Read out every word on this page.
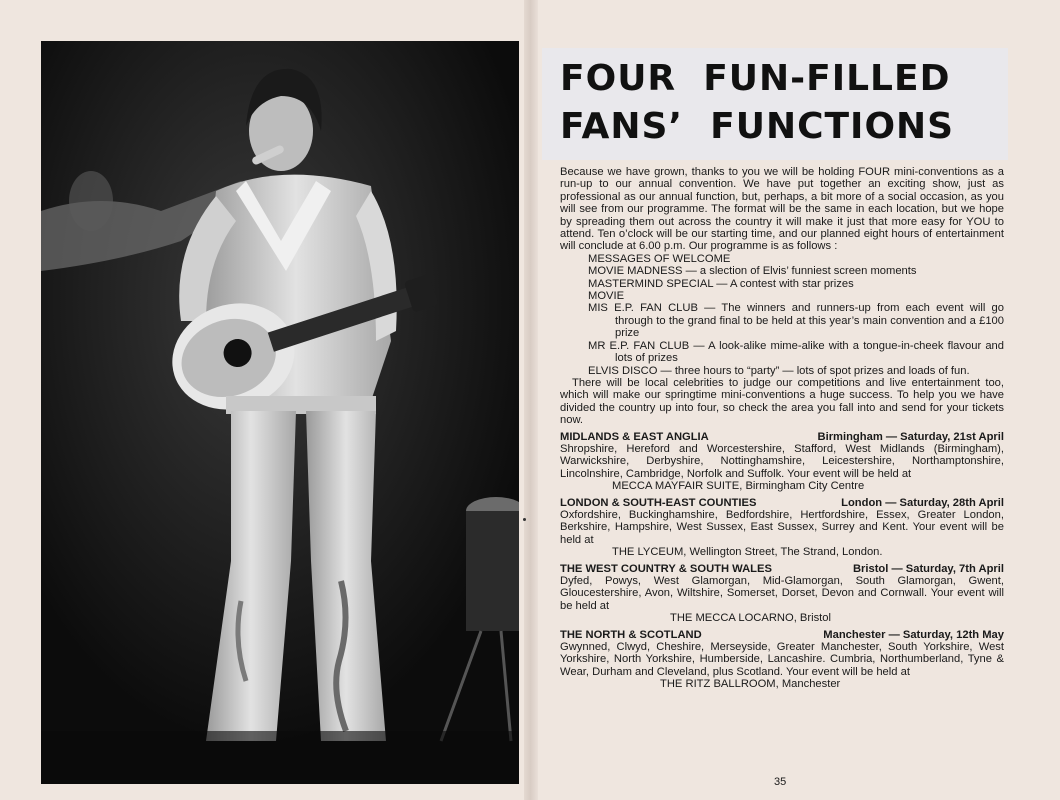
FOUR  FUN-FILLED
FANS’  FUNCTIONS

Because we have grown, thanks to you we will be holding FOUR mini-conventions as a run-up to our annual convention. We have put together an exciting show, just as professional as our annual function, but, perhaps, a bit more of a social occasion, as you will see from our programme. The format will be the same in each location, but we hope by spreading them out across the country it will make it just that more easy for YOU to attend. Ten o’clock will be our starting time, and our planned eight hours of entertainment will conclude at 6.00 p.m. Our programme is as follows :

MESSAGES OF WELCOME

MOVIE MADNESS — a slection of Elvis’ funniest screen moments

MASTERMIND SPECIAL — A contest with star prizes

MOVIE

MIS E.P. FAN CLUB — The winners and runners-up from each event will go through to the grand final to be held at this year’s main convention and a £100 prize

MR E.P. FAN CLUB — A look-alike mime-alike with a tongue-in-cheek flavour and lots of prizes

ELVIS DISCO — three hours to “party” — lots of spot prizes and loads of fun.

There will be local celebrities to judge our competitions and live entertainment too, which will make our springtime mini-conventions a huge success. To help you we have divided the country up into four, so check the area you fall into and send for your tickets now.

MIDLANDS & EAST ANGLIA	Birmingham — Saturday, 21st April

Shropshire, Hereford and Worcestershire, Stafford, West Midlands (Birmingham), Warwickshire, Derbyshire, Nottinghamshire, Leicestershire, Northamptonshire, Lincolnshire, Cambridge, Norfolk and Suffolk. Your event will be held at

MECCA MAYFAIR SUITE, Birmingham City Centre

LONDON & SOUTH-EAST COUNTIES	London — Saturday, 28th April

Oxfordshire, Buckinghamshire, Bedfordshire, Hertfordshire, Essex, Greater London, Berkshire, Hampshire, West Sussex, East Sussex, Surrey and Kent. Your event will be held at

THE LYCEUM, Wellington Street, The Strand, London.

THE WEST COUNTRY & SOUTH WALES	Bristol — Saturday, 7th April

Dyfed, Powys, West Glamorgan, Mid-Glamorgan, South Glamorgan, Gwent, Gloucestershire, Avon, Wiltshire, Somerset, Dorset, Devon and Cornwall. Your event will be held at

THE MECCA LOCARNO, Bristol

THE NORTH & SCOTLAND	Manchester — Saturday, 12th May

Gwynned, Clwyd, Cheshire, Merseyside, Greater Manchester, South Yorkshire, West Yorkshire, North Yorkshire, Humberside, Lancashire. Cumbria, Northumberland, Tyne & Wear, Durham and Cleveland, plus Scotland. Your event will be held at

THE RITZ BALLROOM, Manchester

35
